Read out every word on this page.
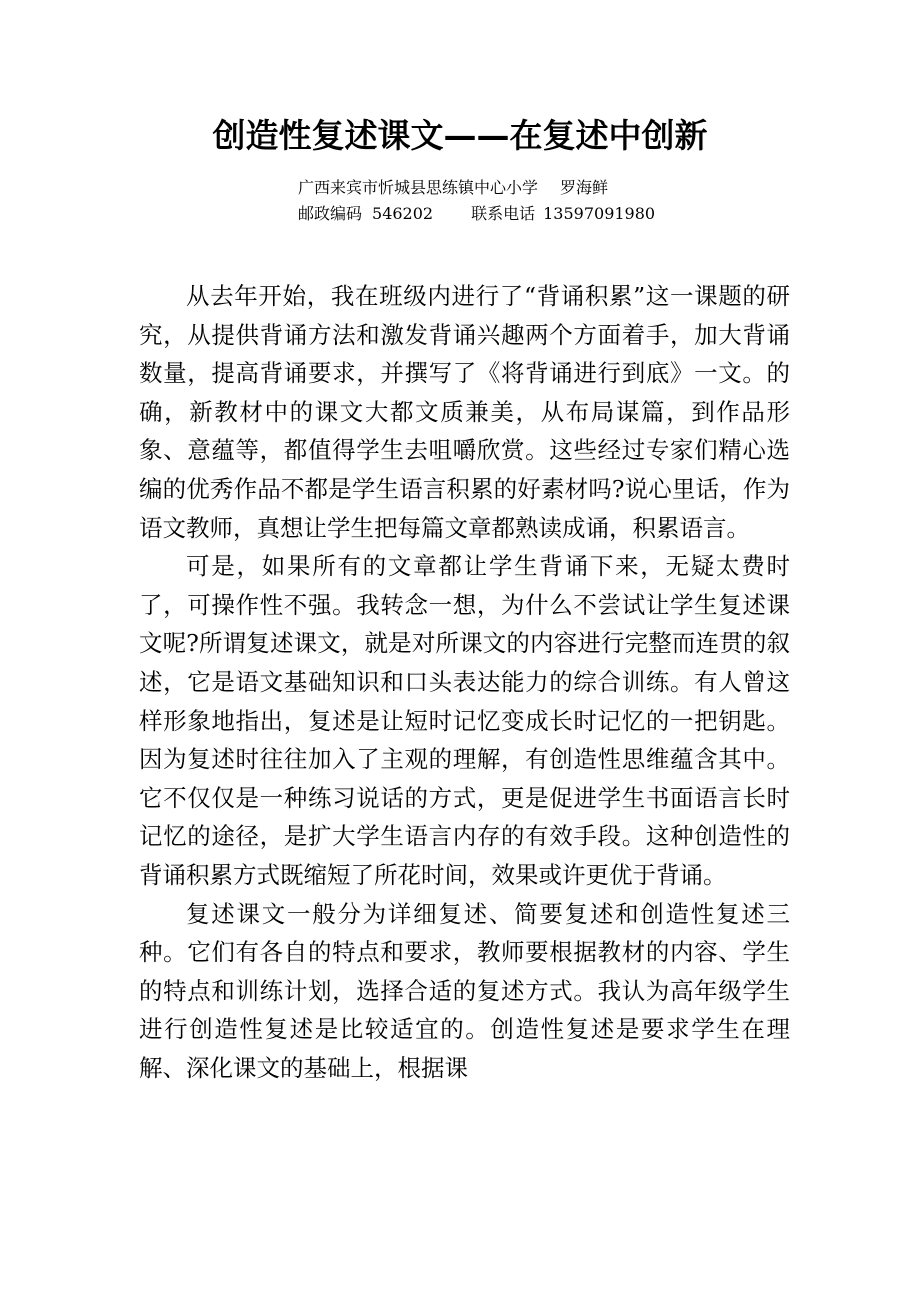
创造性复述课文——在复述中创新
广西来宾市忻城县思练镇中心小学 罗海鲜
邮政编码 546202 联系电话 13597091980

从去年开始，我在班级内进行了“背诵积累”这一课题的研究，从提供背诵方法和激发背诵兴趣两个方面着手，加大背诵数量，提高背诵要求，并撰写了《将背诵进行到底》一文。的确，新教材中的课文大都文质兼美，从布局谋篇，到作品形象、意蕴等，都值得学生去咀嚼欣赏。这些经过专家们精心选编的优秀作品不都是学生语言积累的好素材吗?说心里话，作为语文教师，真想让学生把每篇文章都熟读成诵，积累语言。

可是，如果所有的文章都让学生背诵下来，无疑太费时了，可操作性不强。我转念一想，为什么不尝试让学生复述课文呢?所谓复述课文，就是对所课文的内容进行完整而连贯的叙述，它是语文基础知识和口头表达能力的综合训练。有人曾这样形象地指出，复述是让短时记忆变成长时记忆的一把钥匙。因为复述时往往加入了主观的理解，有创造性思维蕴含其中。它不仅仅是一种练习说话的方式，更是促进学生书面语言长时记忆的途径，是扩大学生语言内存的有效手段。这种创造性的背诵积累方式既缩短了所花时间，效果或许更优于背诵。

复述课文一般分为详细复述、简要复述和创造性复述三种。它们有各自的特点和要求，教师要根据教材的内容、学生的特点和训练计划，选择合适的复述方式。我认为高年级学生进行创造性复述是比较适宜的。创造性复述是要求学生在理解、深化课文的基础上，根据课
